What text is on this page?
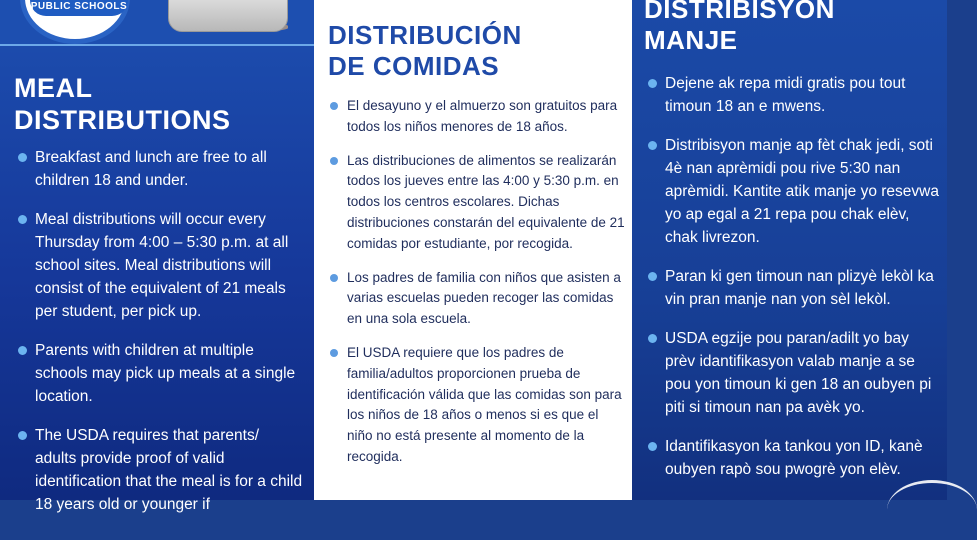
PUBLIC SCHOOLS
MEAL
DISTRIBUTIONS
Breakfast and lunch are free to all children 18 and under.
Meal distributions will occur every Thursday from 4:00 – 5:30 p.m. at all school sites. Meal distributions will consist of the equivalent of 21 meals per student, per pick up.
Parents with children at multiple schools may pick up meals at a single location.
The USDA requires that parents/ adults provide proof of valid identification that the meal is for a child 18 years old or younger if
DISTRIBUCIÓN
DE COMIDAS
El desayuno y el almuerzo son gratuitos para todos los niños menores de 18 años.
Las distribuciones de alimentos se realizarán todos los jueves entre las 4:00 y 5:30 p.m. en todos los centros escolares. Dichas distribuciones constarán del equivalente de 21 comidas por estudiante, por recogida.
Los padres de familia con niños que asisten a varias escuelas pueden recoger las comidas en una sola escuela.
El USDA requiere que los padres de familia/adultos proporcionen prueba de identificación válida que las comidas son para los niños de 18 años o menos si es que el niño no está presente al momento de la recogida.
DISTRIBISYON
MANJE
Dejene ak repa midi gratis pou tout timoun 18 an e mwens.
Distribisyon manje ap fèt chak jedi, soti 4è nan aprèmidi pou rive 5:30 nan aprèmidi. Kantite atik manje yo resevwa yo ap egal a 21 repa pou chak elèv, chak livrezon.
Paran ki gen timoun nan plizyè lekòl ka vin pran manje nan yon sèl lekòl.
USDA egzije pou paran/adilt yo bay prèv idantifikasyon valab manje a se pou yon timoun ki gen 18 an oubyen pi piti si timoun nan pa avèk yo.
Idantifikasyon ka tankou yon ID, kanè oubyen rapò sou pwogrè yon elèv.
